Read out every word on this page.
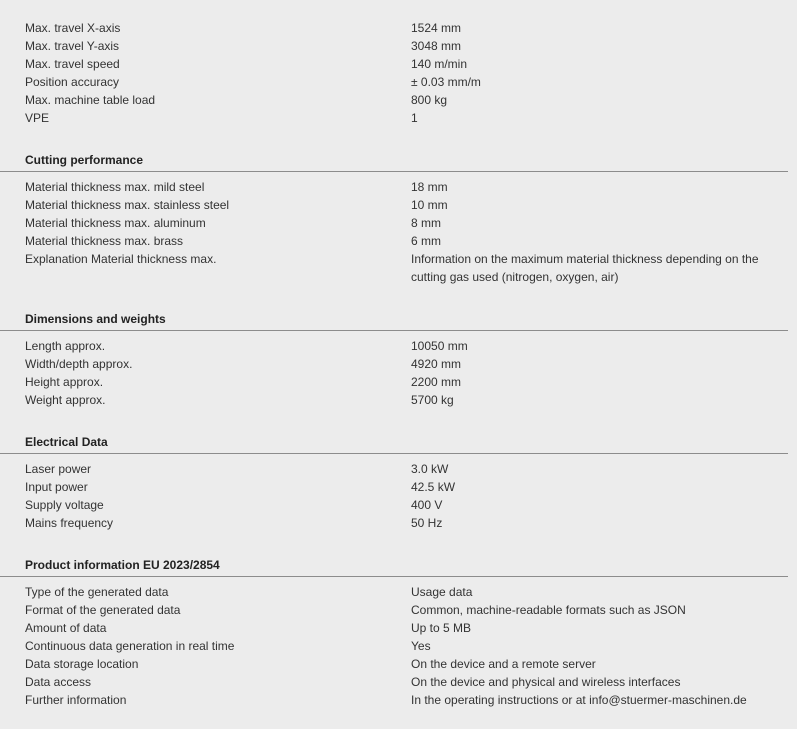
Max. travel X-axis	1524 mm
Max. travel Y-axis	3048 mm
Max. travel speed	140 m/min
Position accuracy	± 0.03 mm/m
Max. machine table load	800 kg
VPE	1
Cutting performance
Material thickness max. mild steel	18 mm
Material thickness max. stainless steel	10 mm
Material thickness max. aluminum	8 mm
Material thickness max. brass	6 mm
Explanation Material thickness max.	Information on the maximum material thickness depending on the cutting gas used (nitrogen, oxygen, air)
Dimensions and weights
Length approx.	10050 mm
Width/depth approx.	4920 mm
Height approx.	2200 mm
Weight approx.	5700 kg
Electrical Data
Laser power	3.0 kW
Input power	42.5 kW
Supply voltage	400 V
Mains frequency	50 Hz
Product information EU 2023/2854
Type of the generated data	Usage data
Format of the generated data	Common, machine-readable formats such as JSON
Amount of data	Up to 5 MB
Continuous data generation in real time	Yes
Data storage location	On the device and a remote server
Data access	On the device and physical and wireless interfaces
Further information	In the operating instructions or at info@stuermer-maschinen.de
